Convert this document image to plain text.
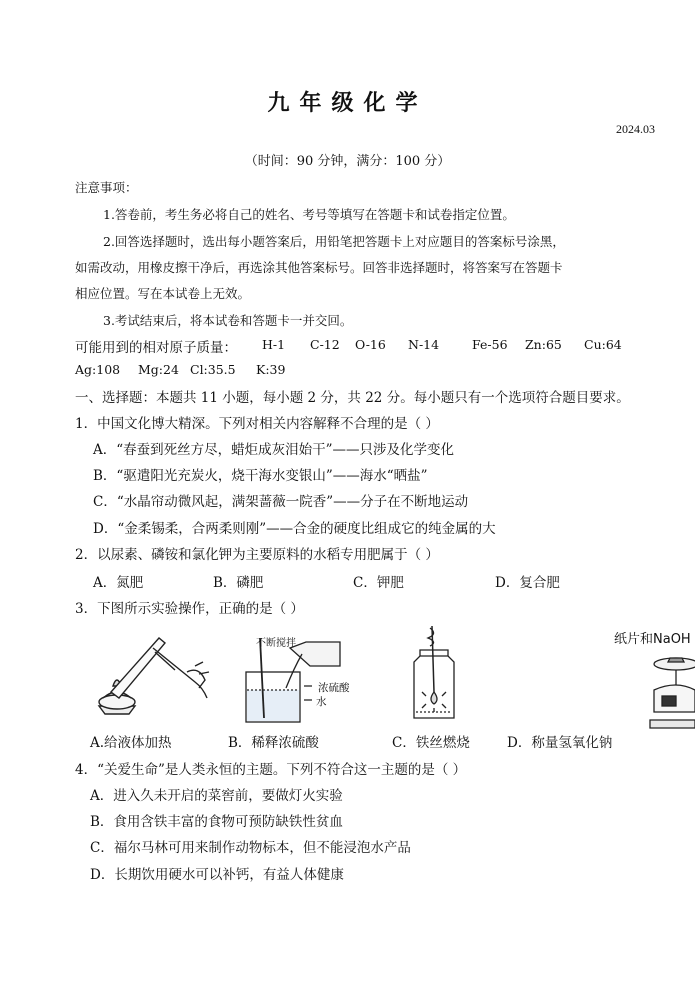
九年级化学
2024.03
（时间：90 分钟，满分：100 分）
注意事项：
1.答卷前，考生务必将自己的姓名、考号等填写在答题卡和试卷指定位置。
2.回答选择题时，选出每小题答案后，用铅笔把答题卡上对应题目的答案标号涂黑，
如需改动，用橡皮擦干净后，再选涂其他答案标号。回答非选择题时，将答案写在答题卡
相应位置。写在本试卷上无效。
3.考试结束后，将本试卷和答题卡一并交回。
可能用到的相对原子质量： H-1 C-12 O-16 N-14	Fe-56 Zn:65 Cu:64
Ag:108 Mg:24 Cl:35.5 K:39
一、选择题：本题共 11 小题，每小题 2 分，共 22 分。每小题只有一个选项符合题目要求。
1．中国文化博大精深。下列对相关内容解释不合理的是（ ）
A．“春蚕到死丝方尽，蜡炬成灰泪始干”——只涉及化学变化
B．“驱遣阳光充炭火，烧干海水变银山”——海水“晒盐”
C．“水晶帘动微风起，满架蔷薇一院香”——分子在不断地运动
D．“金柔锡柔，合两柔则刚”——合金的硬度比组成它的纯金属的大
2．以尿素、磷铵和氯化钾为主要原料的水稻专用肥属于（ ）
A．氮肥	B．磷肥	C．钾肥	D．复合肥
3．下图所示实验操作，正确的是（ ）
不断搅拌
浓硫酸
水
纸片和NaOH
A.给液体加热	B．稀释浓硫酸	C．铁丝燃烧	D．称量氢氧化钠
4．“关爱生命”是人类永恒的主题。下列不符合这一主题的是（ ）
A．进入久未开启的菜窖前，要做灯火实验
B．食用含铁丰富的食物可预防缺铁性贫血
C．福尔马林可用来制作动物标本，但不能浸泡水产品
D．长期饮用硬水可以补钙，有益人体健康
